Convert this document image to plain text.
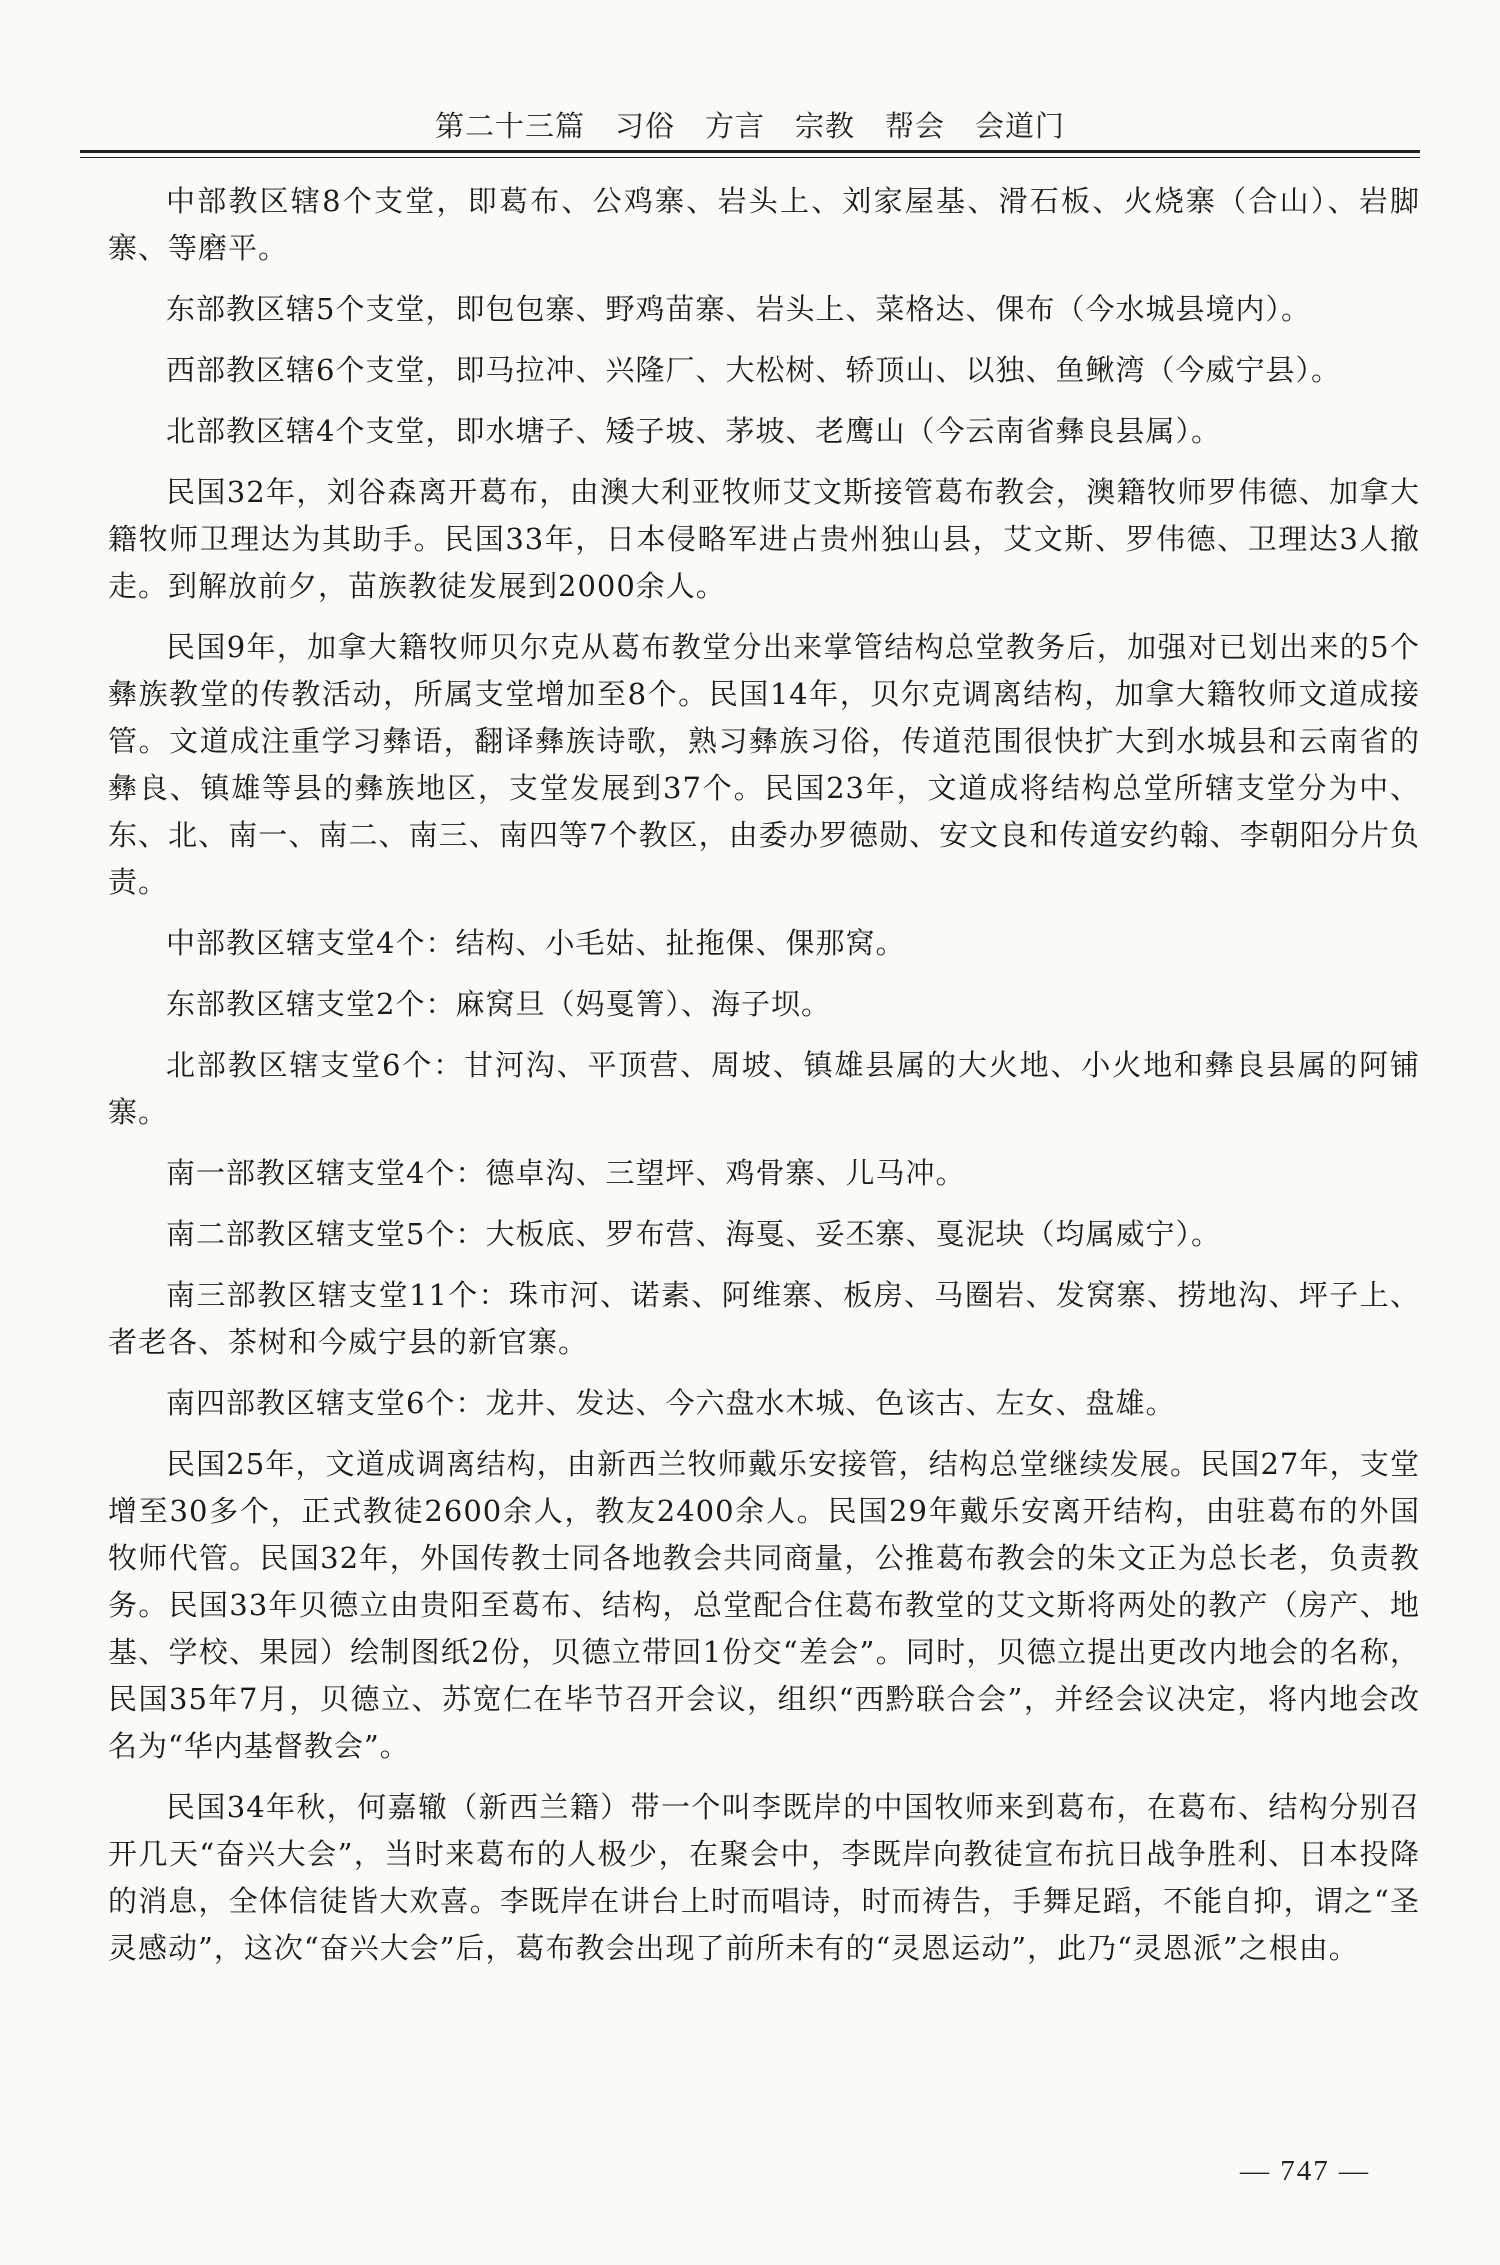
第二十三篇　习俗　方言　宗教　帮会　会道门

中部教区辖8个支堂，即葛布、公鸡寨、岩头上、刘家屋基、滑石板、火烧寨（合山）、岩脚寨、等磨平。

东部教区辖5个支堂，即包包寨、野鸡苗寨、岩头上、菜格达、倮布（今水城县境内）。

西部教区辖6个支堂，即马拉冲、兴隆厂、大松树、轿顶山、以独、鱼鳅湾（今威宁县）。

北部教区辖4个支堂，即水塘子、矮子坡、茅坡、老鹰山（今云南省彝良县属）。

民国32年，刘谷森离开葛布，由澳大利亚牧师艾文斯接管葛布教会，澳籍牧师罗伟德、加拿大籍牧师卫理达为其助手。民国33年，日本侵略军进占贵州独山县，艾文斯、罗伟德、卫理达3人撤走。到解放前夕，苗族教徒发展到2000余人。

民国9年，加拿大籍牧师贝尔克从葛布教堂分出来掌管结构总堂教务后，加强对已划出来的5个彝族教堂的传教活动，所属支堂增加至8个。民国14年，贝尔克调离结构，加拿大籍牧师文道成接管。文道成注重学习彝语，翻译彝族诗歌，熟习彝族习俗，传道范围很快扩大到水城县和云南省的彝良、镇雄等县的彝族地区，支堂发展到37个。民国23年，文道成将结构总堂所辖支堂分为中、东、北、南一、南二、南三、南四等7个教区，由委办罗德勋、安文良和传道安约翰、李朝阳分片负责。

中部教区辖支堂4个：结构、小毛姑、扯拖倮、倮那窝。

东部教区辖支堂2个：麻窝旦（妈戛箐）、海子坝。

北部教区辖支堂6个：甘河沟、平顶营、周坡、镇雄县属的大火地、小火地和彝良县属的阿铺寨。

南一部教区辖支堂4个：德卓沟、三望坪、鸡骨寨、儿马冲。

南二部教区辖支堂5个：大板底、罗布营、海戛、妥丕寨、戛泥块（均属威宁）。

南三部教区辖支堂11个：珠市河、诺素、阿维寨、板房、马圈岩、发窝寨、捞地沟、坪子上、者老各、茶树和今威宁县的新官寨。

南四部教区辖支堂6个：龙井、发达、今六盘水木城、色该古、左女、盘雄。

民国25年，文道成调离结构，由新西兰牧师戴乐安接管，结构总堂继续发展。民国27年，支堂增至30多个，正式教徒2600余人，教友2400余人。民国29年戴乐安离开结构，由驻葛布的外国牧师代管。民国32年，外国传教士同各地教会共同商量，公推葛布教会的朱文正为总长老，负责教务。民国33年贝德立由贵阳至葛布、结构，总堂配合住葛布教堂的艾文斯将两处的教产（房产、地基、学校、果园）绘制图纸2份，贝德立带回1份交“差会”。同时，贝德立提出更改内地会的名称，民国35年7月，贝德立、苏宽仁在毕节召开会议，组织“西黔联合会”，并经会议决定，将内地会改名为“华内基督教会”。

民国34年秋，何嘉辙（新西兰籍）带一个叫李既岸的中国牧师来到葛布，在葛布、结构分别召开几天“奋兴大会”，当时来葛布的人极少，在聚会中，李既岸向教徒宣布抗日战争胜利、日本投降的消息，全体信徒皆大欢喜。李既岸在讲台上时而唱诗，时而祷告，手舞足蹈，不能自抑，谓之“圣灵感动”，这次“奋兴大会”后，葛布教会出现了前所未有的“灵恩运动”，此乃“灵恩派”之根由。

— 747 —
